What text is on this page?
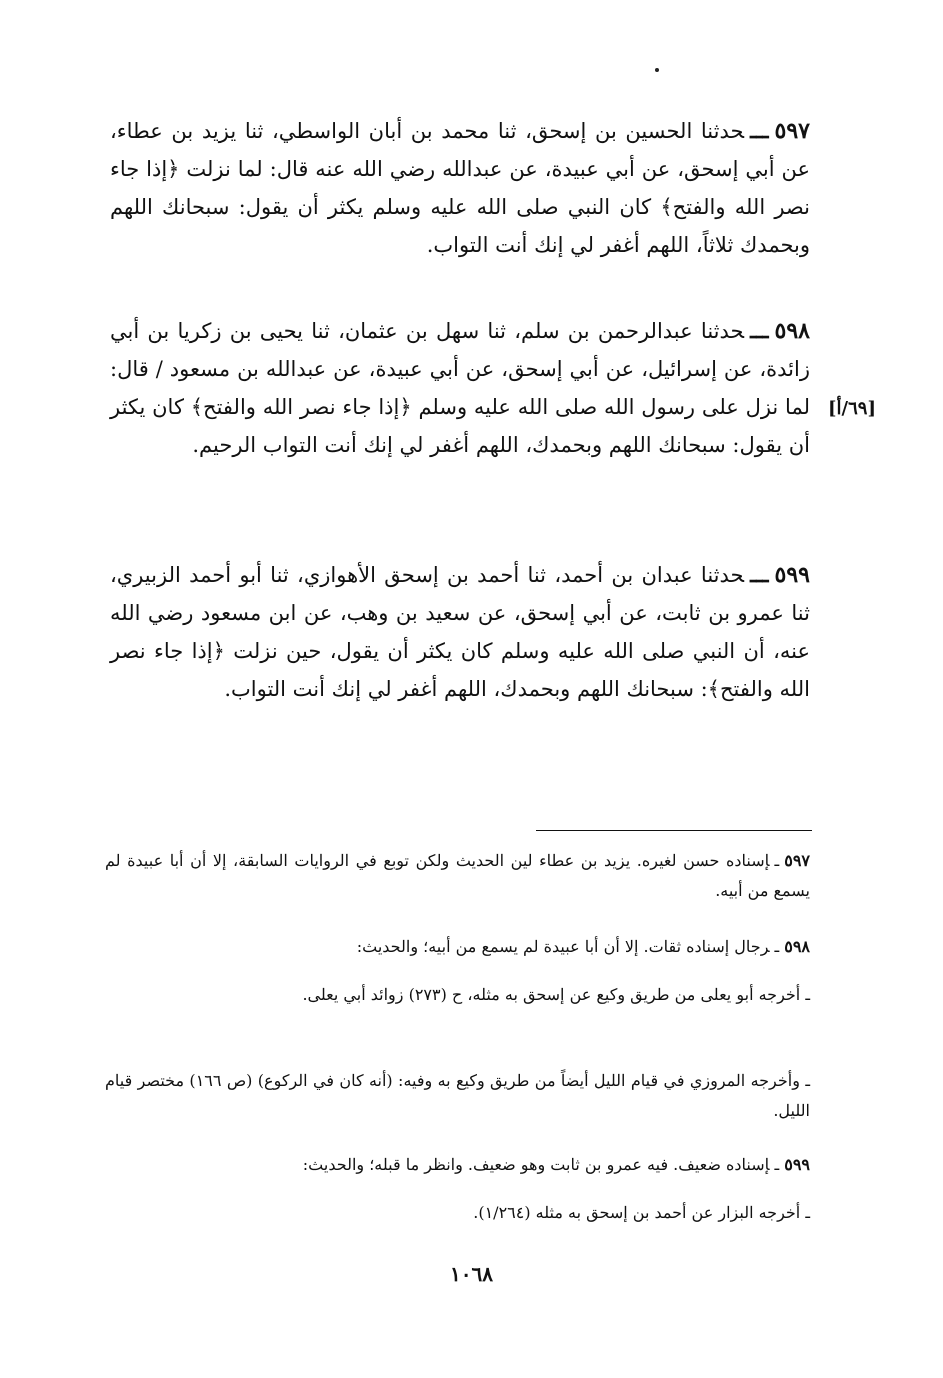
٥٩٧ـــحدثنا الحسين بن إسحق، ثنا محمد بن أبان الواسطي، ثنا يزيد بن عطاء، عن أبي إسحق، عن أبي عبيدة، عن عبدالله رضي الله عنه قال: لما نزلت ﴿إذا جاء نصر الله والفتح﴾ كان النبي صلى الله عليه وسلم يكثر أن يقول: سبحانك اللهم وبحمدك ثلاثاً، اللهم أغفر لي إنك أنت التواب.
٥٩٨ـــحدثنا عبدالرحمن بن سلم، ثنا سهل بن عثمان، ثنا يحيى بن زكريا بن أبي زائدة، عن إسرائيل، عن أبي إسحق، عن أبي عبيدة، عن عبدالله بن مسعود / قال: لما نزل على رسول الله صلى الله عليه وسلم ﴿إذا جاء نصر الله والفتح﴾ كان يكثر أن يقول: سبحانك اللهم وبحمدك، اللهم أغفر لي إنك أنت التواب الرحيم.
[٦٩/أ]
٥٩٩ـــحدثنا عبدان بن أحمد، ثنا أحمد بن إسحق الأهوازي، ثنا أبو أحمد الزبيري، ثنا عمرو بن ثابت، عن أبي إسحق، عن سعيد بن وهب، عن ابن مسعود رضي الله عنه، أن النبي صلى الله عليه وسلم كان يكثر أن يقول، حين نزلت ﴿إذا جاء نصر الله والفتح﴾: سبحانك اللهم وبحمدك، اللهم أغفر لي إنك أنت التواب.
٥٩٧ـإسناده حسن لغيره. يزيد بن عطاء لين الحديث ولكن توبع في الروايات السابقة، إلا أن أبا عبيدة لم يسمع من أبيه.
٥٩٨ـرجال إسناده ثقات. إلا أن أبا عبيدة لم يسمع من أبيه؛ والحديث:
ـ أخرجه أبو يعلى من طريق وكيع عن إسحق به مثله، ح (٢٧٣) زوائد أبي يعلى.
ـ وأخرجه المروزي في قيام الليل أيضاً من طريق وكيع به وفيه: (أنه كان في الركوع) (ص ١٦٦) مختصر قيام الليل.
٥٩٩ـإسناده ضعيف. فيه عمرو بن ثابت وهو ضعيف. وانظر ما قبله؛ والحديث:
ـ أخرجه البزار عن أحمد بن إسحق به مثله (١/٢٦٤).
١٠٦٨
